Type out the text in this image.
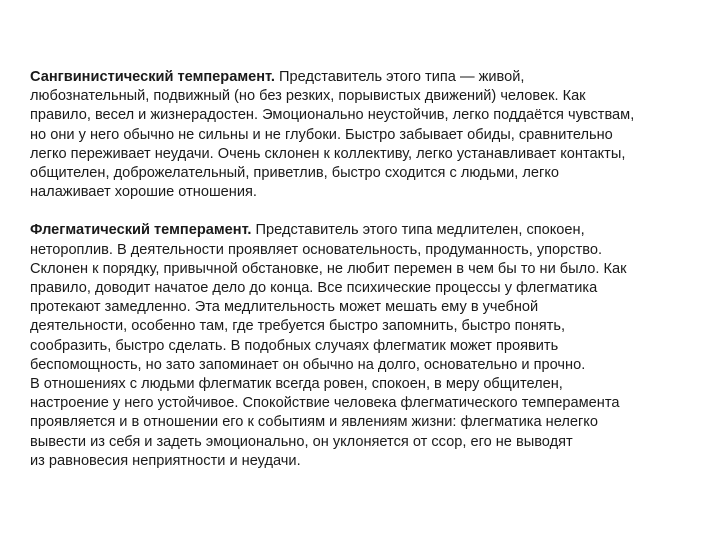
Сангвинистический темперамент. Представитель этого типа — живой,
любознательный, подвижный (но без резких, порывистых движений) человек. Как
правило, весел и жизнерадостен. Эмоционально неустойчив, легко поддаётся чувствам,
но они у него обычно не сильны и не глубоки. Быстро забывает обиды, сравнительно
легко переживает неудачи. Очень склонен к коллективу, легко устанавливает контакты,
общителен, доброжелательный, приветлив, быстро сходится с людьми, легко
налаживает хорошие отношения.
Флегматический темперамент. Представитель этого типа медлителен, спокоен,
нетороплив. В деятельности проявляет основательность, продуманность, упорство.
Склонен к порядку, привычной обстановке, не любит перемен в чем бы то ни было. Как
правило, доводит начатое дело до конца. Все психические процессы у флегматика
протекают замедленно. Эта медлительность может мешать ему в учебной
деятельности, особенно там, где требуется быстро запомнить, быстро понять,
сообразить, быстро сделать. В подобных случаях флегматик может проявить
беспомощность, но зато запоминает он обычно на долго, основательно и прочно.
В отношениях с людьми флегматик всегда ровен, спокоен, в меру общителен,
настроение у него устойчивое. Спокойствие человека флегматического темперамента
проявляется и в отношении его к событиям и явлениям жизни: флегматика нелегко
вывести из себя и задеть эмоционально, он уклоняется от ссор, его не выводят
из равновесия неприятности и неудачи.
